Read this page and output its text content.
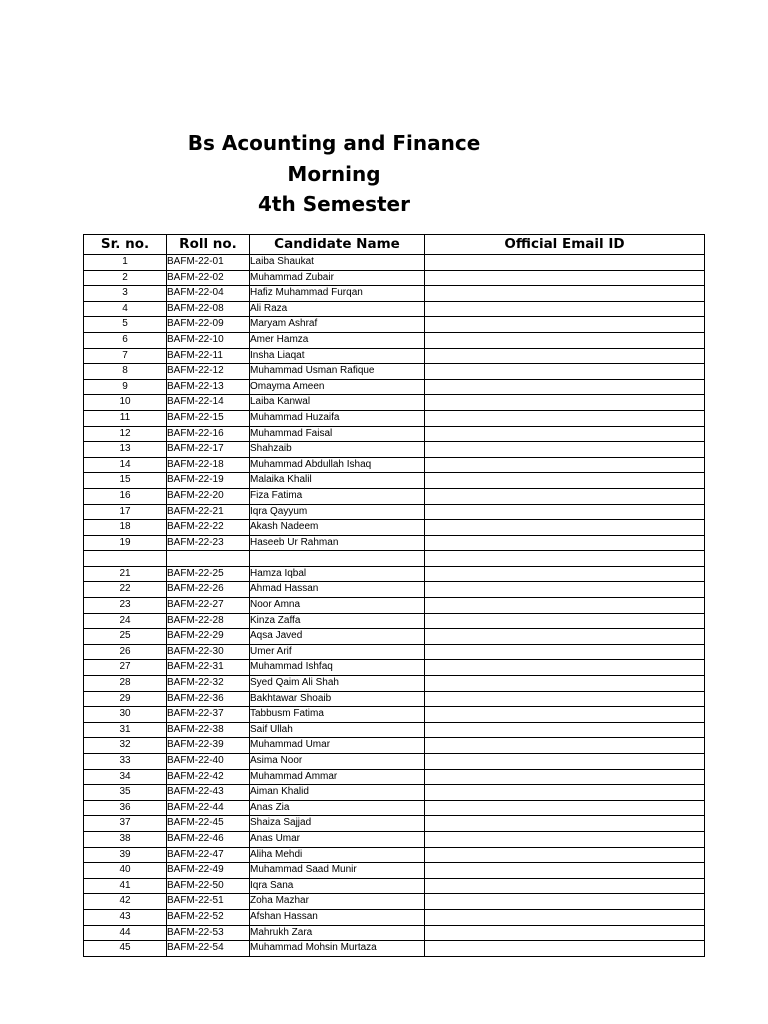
Bs Acounting and Finance

Morning

4th Semester

Sr. no.	Roll no.	Candidate Name	Official Email ID
1	BAFM-22-01	Laiba Shaukat	
2	BAFM-22-02	Muhammad Zubair	
3	BAFM-22-04	Hafiz Muhammad Furqan	
4	BAFM-22-08	Ali Raza	
5	BAFM-22-09	Maryam Ashraf	
6	BAFM-22-10	Amer Hamza	
7	BAFM-22-11	Insha Liaqat	
8	BAFM-22-12	Muhammad Usman Rafique	
9	BAFM-22-13	Omayma Ameen	
10	BAFM-22-14	Laiba Kanwal	
11	BAFM-22-15	Muhammad Huzaifa	
12	BAFM-22-16	Muhammad Faisal	
13	BAFM-22-17	Shahzaib	
14	BAFM-22-18	Muhammad Abdullah Ishaq	
15	BAFM-22-19	Malaika Khalil	
16	BAFM-22-20	Fiza Fatima	
17	BAFM-22-21	Iqra Qayyum	
18	BAFM-22-22	Akash Nadeem	
19	BAFM-22-23	Haseeb Ur Rahman	

21	BAFM-22-25	Hamza Iqbal	
22	BAFM-22-26	Ahmad Hassan	
23	BAFM-22-27	Noor Amna	
24	BAFM-22-28	Kinza Zaffa	
25	BAFM-22-29	Aqsa Javed	
26	BAFM-22-30	Umer Arif	
27	BAFM-22-31	Muhammad Ishfaq	
28	BAFM-22-32	Syed Qaim Ali Shah	
29	BAFM-22-36	Bakhtawar Shoaib	
30	BAFM-22-37	Tabbusm Fatima	
31	BAFM-22-38	Saif Ullah	
32	BAFM-22-39	Muhammad Umar	
33	BAFM-22-40	Asima Noor	
34	BAFM-22-42	Muhammad Ammar	
35	BAFM-22-43	Aiman Khalid	
36	BAFM-22-44	Anas Zia	
37	BAFM-22-45	Shaiza Sajjad	
38	BAFM-22-46	Anas Umar	
39	BAFM-22-47	Aliha Mehdi	
40	BAFM-22-49	Muhammad Saad Munir	
41	BAFM-22-50	Iqra Sana	
42	BAFM-22-51	Zoha Mazhar	
43	BAFM-22-52	Afshan Hassan	
44	BAFM-22-53	Mahrukh Zara	
45	BAFM-22-54	Muhammad Mohsin Murtaza	
